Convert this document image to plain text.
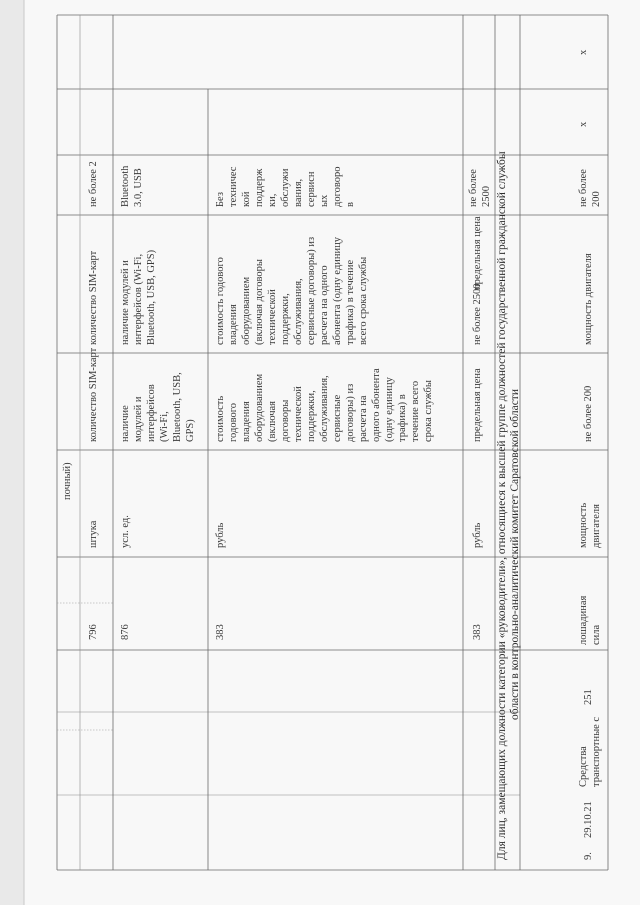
почный)
796
штука
количество SIM-карт
количество SIM-карт
не более 2
876
усл. ед.
наличие модулей и интерфейсов (Wi-Fi, Bluetooth, USB, GPS)
наличие модулей и интерфейсов (Wi-Fi, Bluetooth, USB, GPS)
Bluetooth 3.0, USB
383
рубль
стоимость годового владения оборудованием (включая договоры технической поддержки, обслуживания, сервисные договоры) из расчета на одного абонента (одну единицу трафика) в течение всего срока службы
стоимость годового владения оборудованием (включая договоры технической поддержки, обслуживания, сервисные договоры) из расчета на одного абонента (одну единицу трафика) в течение всего срока службы
Без техничес кой поддерж ки, обслужи вания, сервисн ых договоро в
383
рубль
предельная цена
не более 2500
предельная цена
не более 2500 Для лиц, замещающих должности категории «руководители», относящиеся к высшей группе должностей государственной гражданской службы области в контрольно-аналитический комитет Саратовской области
9.
29.10.21
Средства транспортные с
251
лошадиная сила
мощность двигателя
не более 200
мощность двигателя
не более 200
x
x
